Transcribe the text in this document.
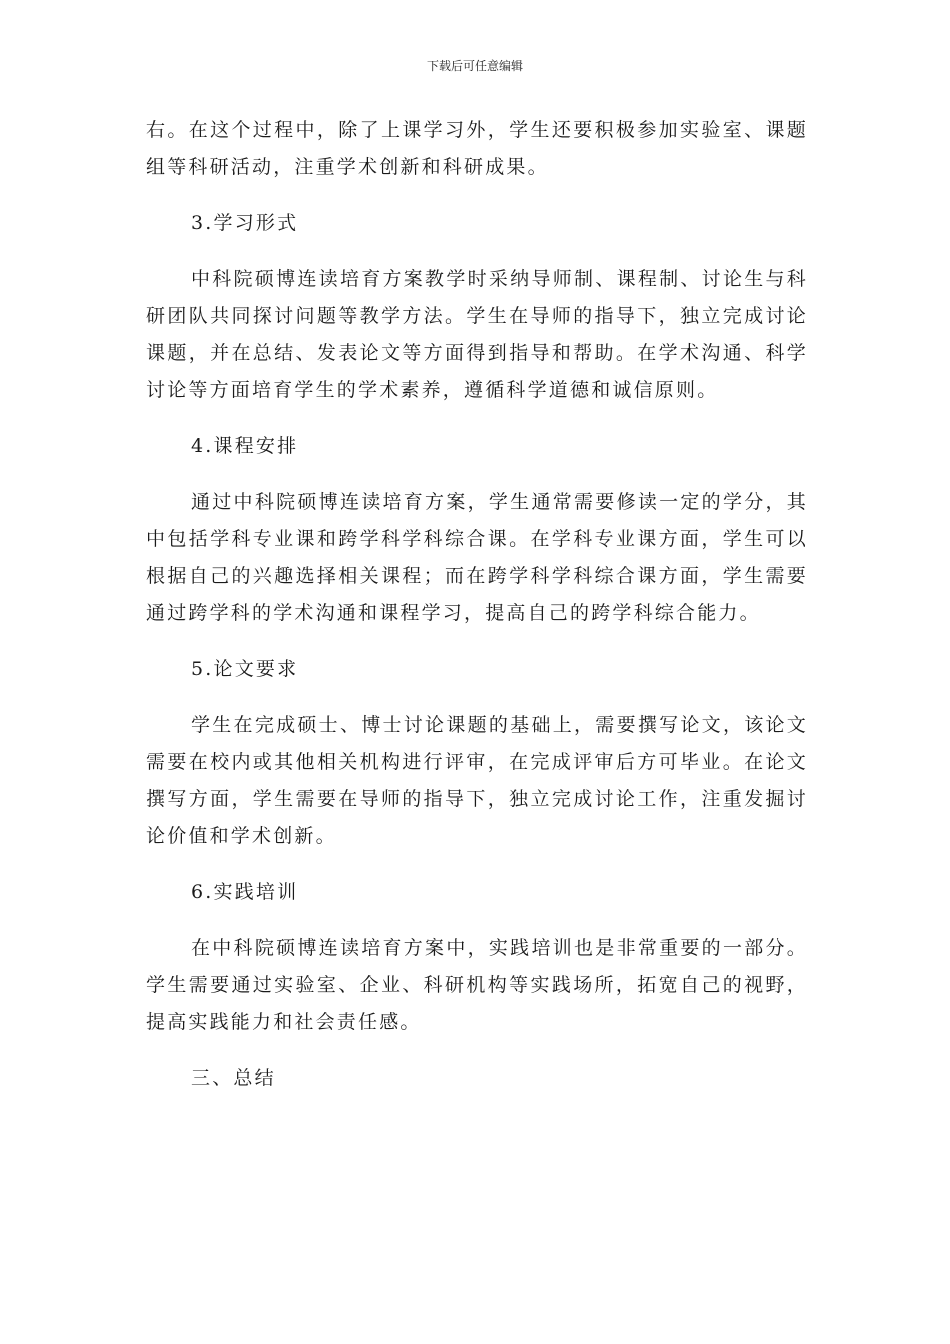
下载后可任意编辑

右。在这个过程中，除了上课学习外，学生还要积极参加实验室、课题组等科研活动，注重学术创新和科研成果。

3.学习形式

中科院硕博连读培育方案教学时采纳导师制、课程制、讨论生与科研团队共同探讨问题等教学方法。学生在导师的指导下，独立完成讨论课题，并在总结、发表论文等方面得到指导和帮助。在学术沟通、科学讨论等方面培育学生的学术素养，遵循科学道德和诚信原则。

4.课程安排

通过中科院硕博连读培育方案，学生通常需要修读一定的学分，其中包括学科专业课和跨学科学科综合课。在学科专业课方面，学生可以根据自己的兴趣选择相关课程；而在跨学科学科综合课方面，学生需要通过跨学科的学术沟通和课程学习，提高自己的跨学科综合能力。

5.论文要求

学生在完成硕士、博士讨论课题的基础上，需要撰写论文，该论文需要在校内或其他相关机构进行评审，在完成评审后方可毕业。在论文撰写方面，学生需要在导师的指导下，独立完成讨论工作，注重发掘讨论价值和学术创新。

6.实践培训

在中科院硕博连读培育方案中，实践培训也是非常重要的一部分。学生需要通过实验室、企业、科研机构等实践场所，拓宽自己的视野，提高实践能力和社会责任感。

三、总结
